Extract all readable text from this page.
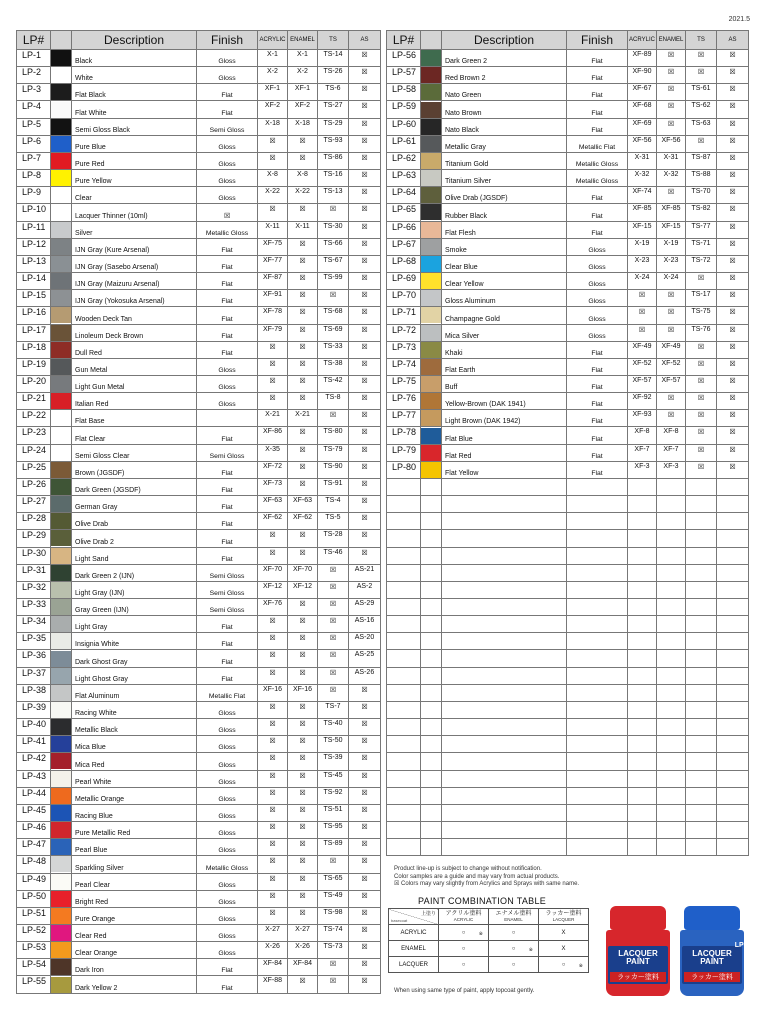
2021.5
LP#		Description	Finish	ACRYLIC	ENAMEL	TS	AS
LP-1		Black	Gloss	X-1	X-1	TS-14	☒
LP-2		White	Gloss	X-2	X-2	TS-26	☒
LP-3		Flat Black	Flat	XF-1	XF-1	TS-6	☒
LP-4		Flat White	Flat	XF-2	XF-2	TS-27	☒
LP-5		Semi Gloss Black	Semi Gloss	X-18	X-18	TS-29	☒
LP-6		Pure Blue	Gloss	☒	☒	TS-93	☒
LP-7		Pure Red	Gloss	☒	☒	TS-86	☒
LP-8		Pure Yellow	Gloss	X-8	X-8	TS-16	☒
LP-9		Clear	Gloss	X-22	X-22	TS-13	☒
LP-10		Lacquer Thinner (10ml)	☒	☒	☒	☒	☒
LP-11		Silver	Metallic Gloss	X-11	X-11	TS-30	☒
LP-12		IJN Gray (Kure Arsenal)	Flat	XF-75	☒	TS-66	☒
LP-13		IJN Gray (Sasebo Arsenal)	Flat	XF-77	☒	TS-67	☒
LP-14		IJN Gray (Maizuru Arsenal)	Flat	XF-87	☒	TS-99	☒
LP-15		IJN Gray (Yokosuka Arsenal)	Flat	XF-91	☒	☒	☒
LP-16		Wooden Deck Tan	Flat	XF-78	☒	TS-68	☒
LP-17		Linoleum Deck Brown	Flat	XF-79	☒	TS-69	☒
LP-18		Dull Red	Flat	☒	☒	TS-33	☒
LP-19		Gun Metal	Gloss	☒	☒	TS-38	☒
LP-20		Light Gun Metal	Gloss	☒	☒	TS-42	☒
LP-21		Italian Red	Gloss	☒	☒	TS-8	☒
LP-22		Flat Base		X-21	X-21	☒	☒
LP-23		Flat Clear	Flat	XF-86	☒	TS-80	☒
LP-24		Semi Gloss Clear	Semi Gloss	X-35	☒	TS-79	☒
LP-25		Brown (JGSDF)	Flat	XF-72	☒	TS-90	☒
LP-26		Dark Green (JGSDF)	Flat	XF-73	☒	TS-91	☒
LP-27		German Gray	Flat	XF-63	XF-63	TS-4	☒
LP-28		Olive Drab	Flat	XF-62	XF-62	TS-5	☒
LP-29		Olive Drab 2	Flat	☒	☒	TS-28	☒
LP-30		Light Sand	Flat	☒	☒	TS-46	☒
LP-31		Dark Green 2 (IJN)	Semi Gloss	XF-70	XF-70	☒	AS-21
LP-32		Light Gray (IJN)	Semi Gloss	XF-12	XF-12	☒	AS-2
LP-33		Gray Green (IJN)	Semi Gloss	XF-76	☒	☒	AS-29
LP-34		Light Gray	Flat	☒	☒	☒	AS-16
LP-35		Insignia White	Flat	☒	☒	☒	AS-20
LP-36		Dark Ghost Gray	Flat	☒	☒	☒	AS-25
LP-37		Light Ghost Gray	Flat	☒	☒	☒	AS-26
LP-38		Flat Aluminum	Metallic Flat	XF-16	XF-16	☒	☒
LP-39		Racing White	Gloss	☒	☒	TS-7	☒
LP-40		Metallic Black	Gloss	☒	☒	TS-40	☒
LP-41		Mica Blue	Gloss	☒	☒	TS-50	☒
LP-42		Mica Red	Gloss	☒	☒	TS-39	☒
LP-43		Pearl White	Gloss	☒	☒	TS-45	☒
LP-44		Metallic Orange	Gloss	☒	☒	TS-92	☒
LP-45		Racing Blue	Gloss	☒	☒	TS-51	☒
LP-46		Pure Metallic Red	Gloss	☒	☒	TS-95	☒
LP-47		Pearl Blue	Gloss	☒	☒	TS-89	☒
LP-48		Sparkling Silver	Metallic Gloss	☒	☒	☒	☒
LP-49		Pearl Clear	Gloss	☒	☒	TS-65	☒
LP-50		Bright Red	Gloss	☒	☒	TS-49	☒
LP-51		Pure Orange	Gloss	☒	☒	TS-98	☒
LP-52		Clear Red	Gloss	X-27	X-27	TS-74	☒
LP-53		Clear Orange	Gloss	X-26	X-26	TS-73	☒
LP-54		Dark Iron	Flat	XF-84	XF-84	☒	☒
LP-55		Dark Yellow 2	Flat	XF-88	☒	☒	☒
LP#		Description	Finish	ACRYLIC	ENAMEL	TS	AS
LP-56		Dark Green 2	Flat	XF-89	☒	☒	☒
LP-57		Red Brown 2	Flat	XF-90	☒	☒	☒
LP-58		Nato Green	Flat	XF-67	☒	TS-61	☒
LP-59		Nato Brown	Flat	XF-68	☒	TS-62	☒
LP-60		Nato Black	Flat	XF-69	☒	TS-63	☒
LP-61		Metallic Gray	Metallic Flat	XF-56	XF-56	☒	☒
LP-62		Titanium Gold	Metallic Gloss	X-31	X-31	TS-87	☒
LP-63		Titanium Silver	Metallic Gloss	X-32	X-32	TS-88	☒
LP-64		Olive Drab (JGSDF)	Flat	XF-74	☒	TS-70	☒
LP-65		Rubber Black	Flat	XF-85	XF-85	TS-82	☒
LP-66		Flat Flesh	Flat	XF-15	XF-15	TS-77	☒
LP-67		Smoke	Gloss	X-19	X-19	TS-71	☒
LP-68		Clear Blue	Gloss	X-23	X-23	TS-72	☒
LP-69		Clear Yellow	Gloss	X-24	X-24	☒	☒
LP-70		Gloss Aluminum	Gloss	☒	☒	TS-17	☒
LP-71		Champagne Gold	Gloss	☒	☒	TS-75	☒
LP-72		Mica Silver	Gloss	☒	☒	TS-76	☒
LP-73		Khaki	Flat	XF-49	XF-49	☒	☒
LP-74		Flat Earth	Flat	XF-52	XF-52	☒	☒
LP-75		Buff	Flat	XF-57	XF-57	☒	☒
LP-76		Yellow-Brown (DAK 1941)	Flat	XF-92	☒	☒	☒
LP-77		Light Brown (DAK 1942)	Flat	XF-93	☒	☒	☒
LP-78		Flat Blue	Flat	XF-8	XF-8	☒	☒
LP-79		Flat Red	Flat	XF-7	XF-7	☒	☒
LP-80		Flat Yellow	Flat	XF-3	XF-3	☒	☒

Product line-up is subject to change without notification.
Color samples are a guide and may vary from actual products.
☒ Colors may vary slightly from Acrylics and Sprays with same name.
PAINT COMBINATION TABLE
上塗り
basecoat	アクリル塗料
ACRYLIC	エナメル塗料
ENAMEL	ラッカー塗料
LACQUER

ACRYLIC	○ ※	○	X
ENAMEL	○	○ ※	X
LACQUER	○	○	○ ※
When using same type of paint, apply topcoat gently.
LACQUER PAINT
ラッカー塗料
LACQUER PAINT
ラッカー塗料
LP-
